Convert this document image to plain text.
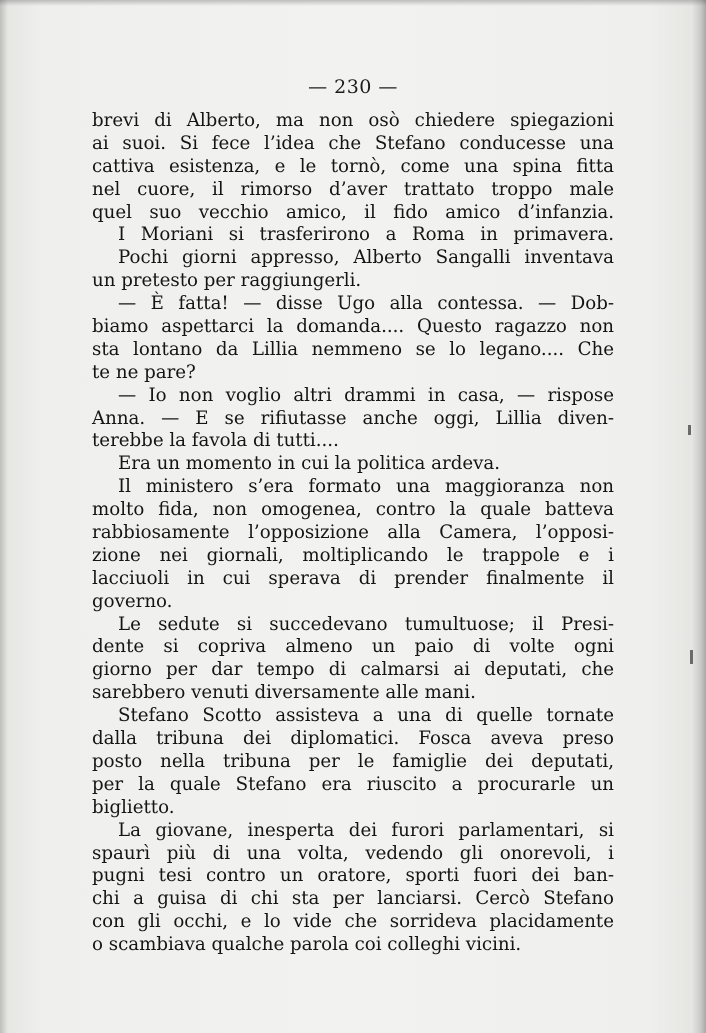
— 230 —
brevi di Alberto, ma non osò chiedere spiegazioni
ai suoi. Si fece l’idea che Stefano conducesse una
cattiva esistenza, e le tornò, come una spina fitta
nel cuore, il rimorso d’aver trattato troppo male
quel suo vecchio amico, il fido amico d’infanzia.
I Moriani si trasferirono a Roma in primavera.
Pochi giorni appresso, Alberto Sangalli inventava
un pretesto per raggiungerli.
— È fatta! — disse Ugo alla contessa. — Dob-
biamo aspettarci la domanda.... Questo ragazzo non
sta lontano da Lillia nemmeno se lo legano.... Che
te ne pare?
— Io non voglio altri drammi in casa, — rispose
Anna. — E se rifiutasse anche oggi, Lillia diven-
terebbe la favola di tutti....
Era un momento in cui la politica ardeva.
Il ministero s’era formato una maggioranza non
molto fida, non omogenea, contro la quale batteva
rabbiosamente l’opposizione alla Camera, l’opposi-
zione nei giornali, moltiplicando le trappole e i
lacciuoli in cui sperava di prender finalmente il
governo.
Le sedute si succedevano tumultuose; il Presi-
dente si copriva almeno un paio di volte ogni
giorno per dar tempo di calmarsi ai deputati, che
sarebbero venuti diversamente alle mani.
Stefano Scotto assisteva a una di quelle tornate
dalla tribuna dei diplomatici. Fosca aveva preso
posto nella tribuna per le famiglie dei deputati,
per la quale Stefano era riuscito a procurarle un
biglietto.
La giovane, inesperta dei furori parlamentari, si
spaurì più di una volta, vedendo gli onorevoli, i
pugni tesi contro un oratore, sporti fuori dei ban-
chi a guisa di chi sta per lanciarsi. Cercò Stefano
con gli occhi, e lo vide che sorrideva placidamente
o scambiava qualche parola coi colleghi vicini.
